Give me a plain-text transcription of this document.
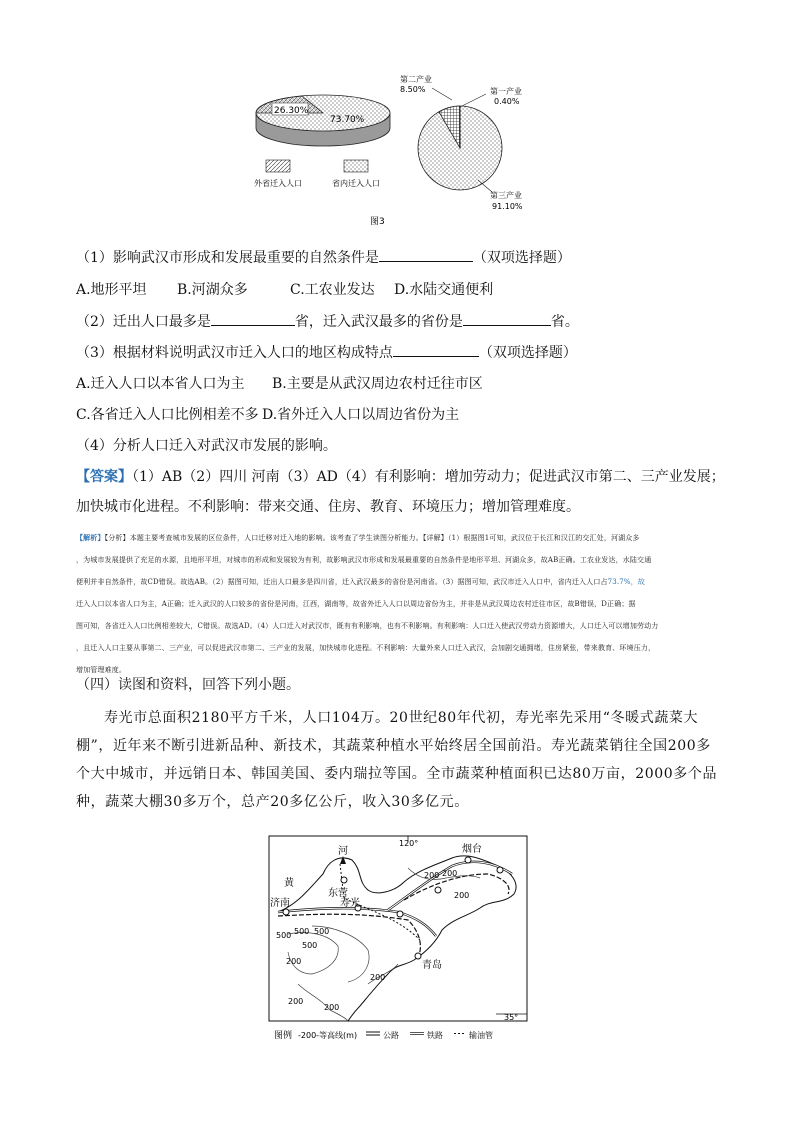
26.30%
73.70%
外省迁入人口	省内迁入人口
第二产业
8.50%	第一产业
0.40%
第三产业
91.10%
图3
（1）影响武汉市形成和发展最重要的自然条件是	（双项选择题）
A.地形平坦 B.河湖众多	C.工农业发达 D.水陆交通便利
（2）迁出人口最多是	省，迁入武汉最多的省份是	省。
（3）根据材料说明武汉市迁入人口的地区构成特点	（双项选择题）
A.迁入人口以本省人口为主 B.主要是从武汉周边农村迁往市区
C.各省迁入人口比例相差不多 D.省外迁入人口以周边省份为主
（4）分析人口迁入对武汉市发展的影响。
【答案】（1）AB（2）四川 河南（3）AD（4）有利影响：增加劳动力；促进武汉市第二、三产业发展；
加快城市化进程。不利影响：带来交通、住房、教育、环境压力；增加管理难度。
【解析】【分析】本题主要考查城市发展的区位条件，人口迁移对迁入地的影响。该考查了学生读图分析能力。【详解】（1）根据图1可知，武汉位于长江和汉江的交汇处，河湖众多
，为城市发展提供了充足的水源，且地形平坦，对城市的形成和发展较为有利，故影响武汉市形成和发展最重要的自然条件是地形平坦、河湖众多，故AB正确。工农业发达，水陆交通
便利并非自然条件，故CD错误。故选AB。（2）据图可知，迁出人口最多是四川省，迁入武汉最多的省份是河南省。（3）据图可知，武汉市迁入人口中，省内迁入人口占73.7%，故
迁入人口以本省人口为主，A正确；迁入武汉的人口较多的省份是河南，江西，湖南等，故省外迁入人口以周边省份为主，并非是从武汉周边农村迁往市区，故B错误，D正确；据
图可知，各省迁入人口比例相差较大，C错误。故选AD。（4）人口迁入对武汉市，既有有利影响，也有不利影响。有利影响：人口迁入使武汉劳动力资源增大，人口迁入可以增加劳动力
，且迁入人口主要从事第二、三产业，可以促进武汉市第二、三产业的发展，加快城市化进程。不利影响：大量外来人口迁入武汉，会加剧交通拥堵，住房紧张，带来教育、环境压力，
增加管理难度。
（四）读图和资料，回答下列小题。
寿光市总面积2180平方千米，人口104万。20世纪80年代初，寿光率先采用“冬暖式蔬菜大棚”，近年来不断引进新品种、新技术，其蔬菜种植水平始终居全国前沿。寿光蔬菜销往全国200多个大中城市，并远销日本、韩国美国、委内瑞拉等国。全市蔬菜种植面积已达80万亩，2000多个品种，蔬菜大棚30多万个，总产20多亿公斤，收入30多亿元。
120°
35°
烟台
河
黄
东营
寿光
济南
青岛
200 200
200
500 500 500
500
200
200
200
200
图例 -200-等高线(m)	公路	铁路	输油管
